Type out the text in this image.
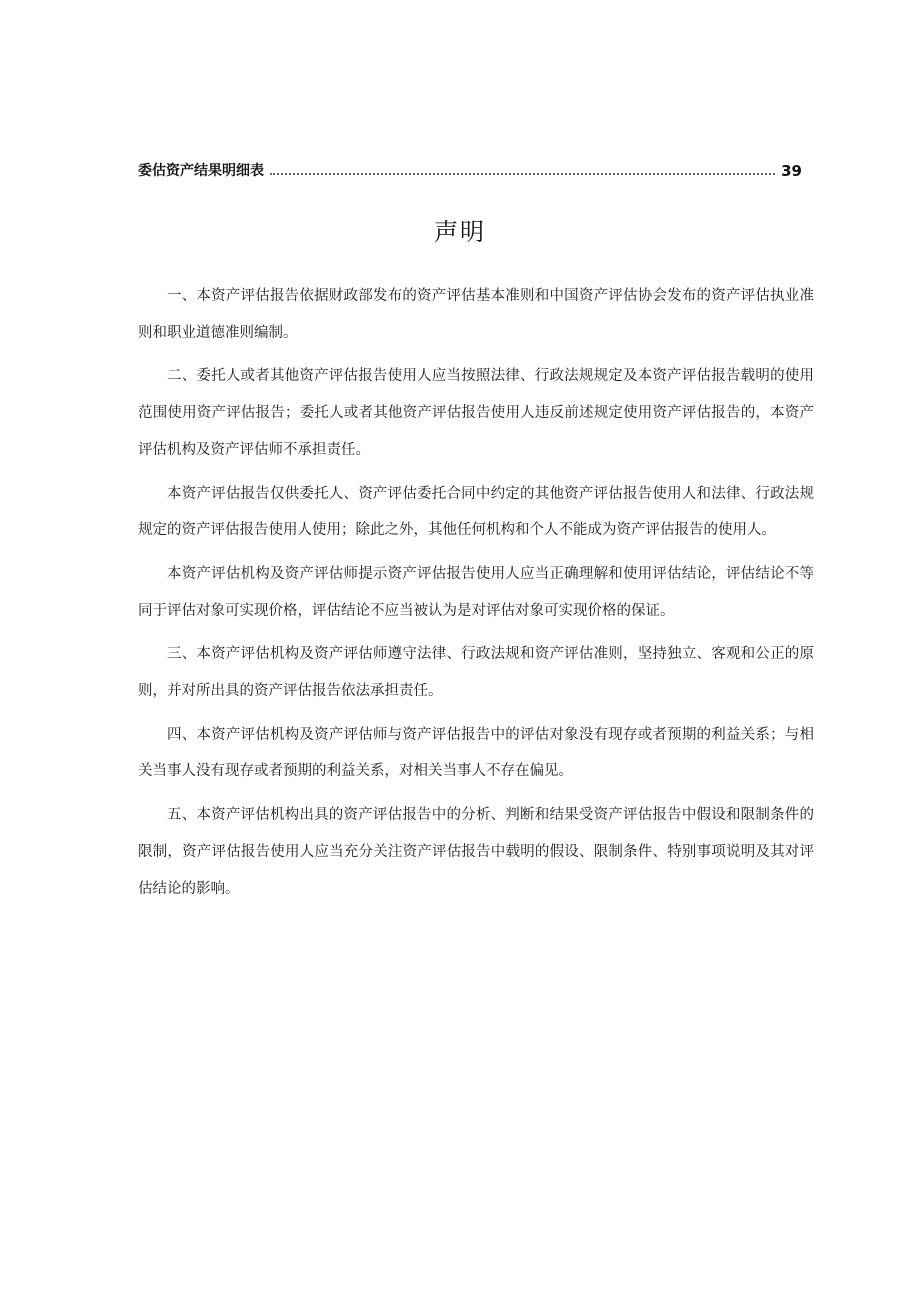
委估资产结果明细表	39
声明

一、本资产评估报告依据财政部发布的资产评估基本准则和中国资产评估协会发布的资产评估执业准则和职业道德准则编制。

二、委托人或者其他资产评估报告使用人应当按照法律、行政法规规定及本资产评估报告载明的使用范围使用资产评估报告；委托人或者其他资产评估报告使用人违反前述规定使用资产评估报告的，本资产评估机构及资产评估师不承担责任。

本资产评估报告仅供委托人、资产评估委托合同中约定的其他资产评估报告使用人和法律、行政法规规定的资产评估报告使用人使用；除此之外，其他任何机构和个人不能成为资产评估报告的使用人。

本资产评估机构及资产评估师提示资产评估报告使用人应当正确理解和使用评估结论，评估结论不等同于评估对象可实现价格，评估结论不应当被认为是对评估对象可实现价格的保证。

三、本资产评估机构及资产评估师遵守法律、行政法规和资产评估准则，坚持独立、客观和公正的原则，并对所出具的资产评估报告依法承担责任。

四、本资产评估机构及资产评估师与资产评估报告中的评估对象没有现存或者预期的利益关系；与相关当事人没有现存或者预期的利益关系，对相关当事人不存在偏见。

五、本资产评估机构出具的资产评估报告中的分析、判断和结果受资产评估报告中假设和限制条件的限制，资产评估报告使用人应当充分关注资产评估报告中载明的假设、限制条件、特别事项说明及其对评估结论的影响。
